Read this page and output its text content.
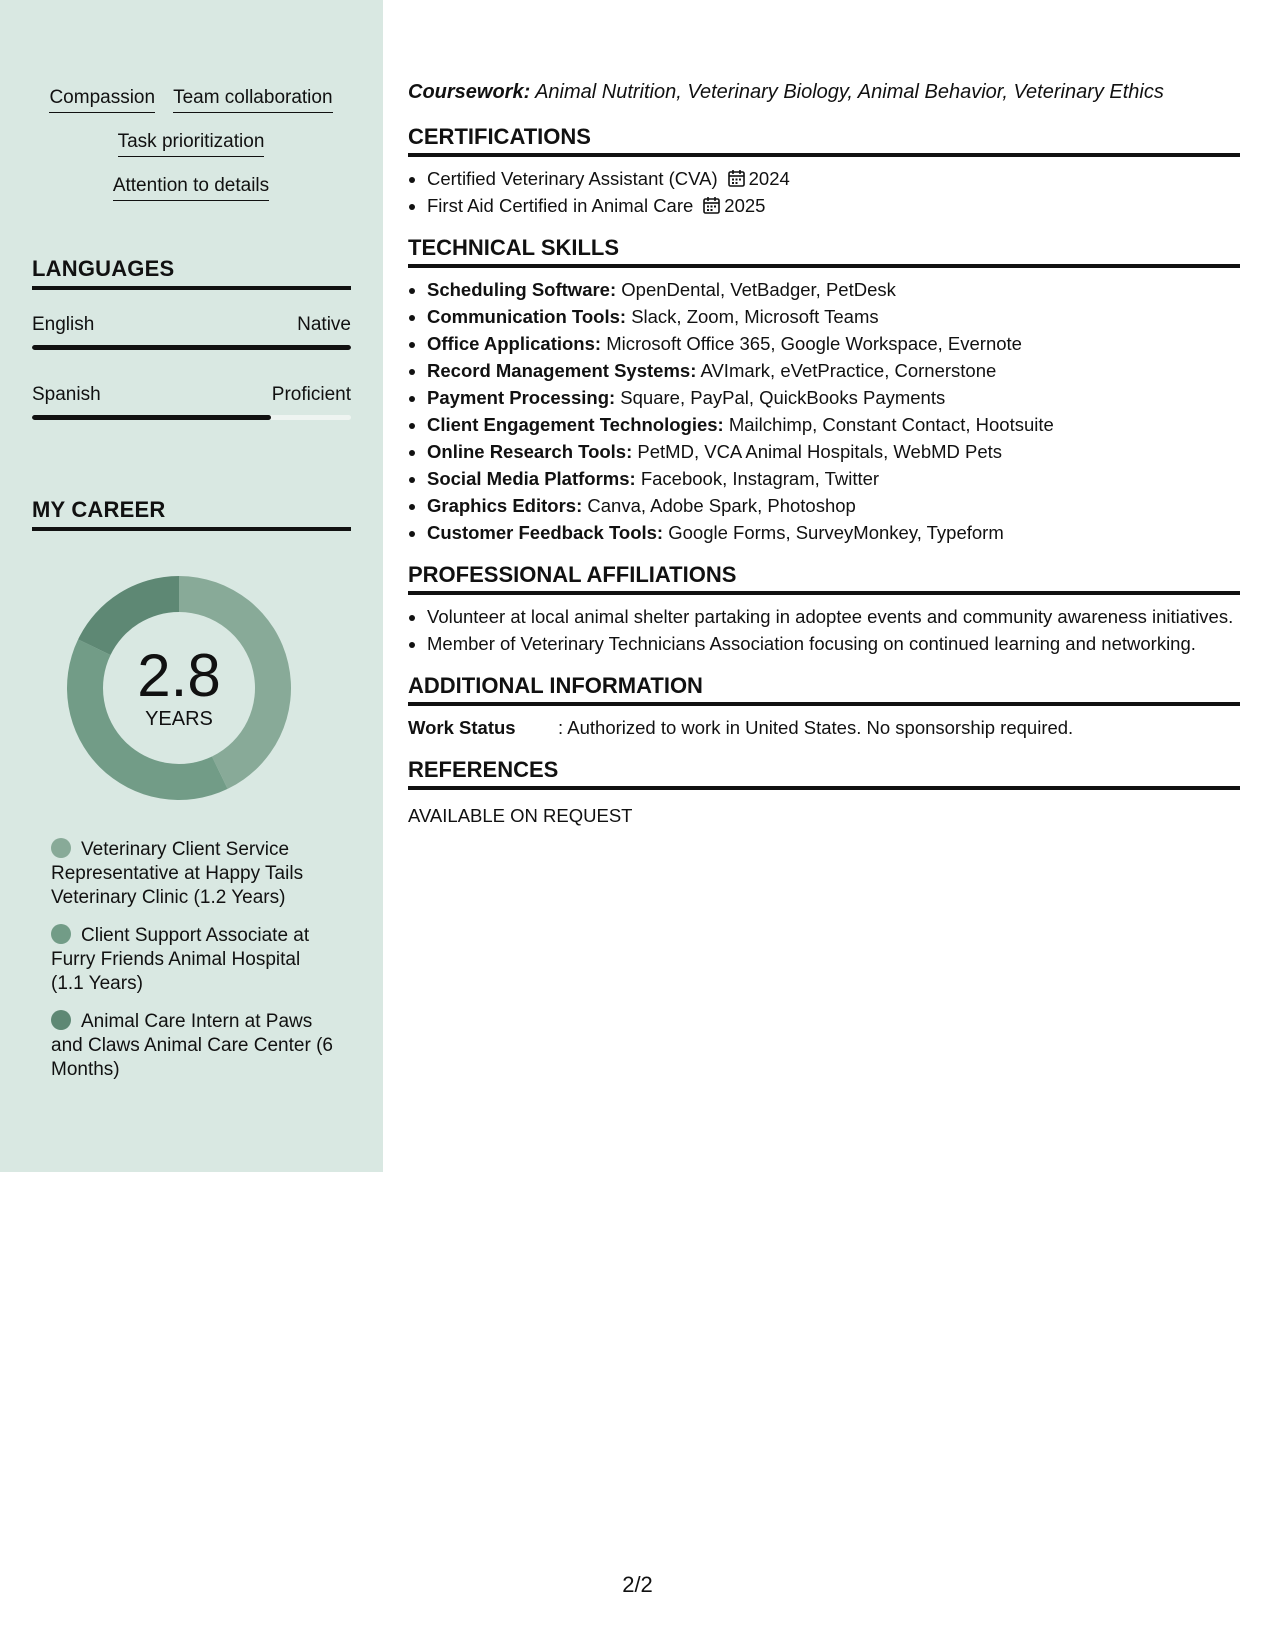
Compassion Team collaboration
Task prioritization
Attention to details
LANGUAGES
English	Native
Spanish	Proficient
MY CAREER
2.8
YEARS
Veterinary Client Service Representative at Happy Tails Veterinary Clinic (1.2 Years)
Client Support Associate at Furry Friends Animal Hospital (1.1 Years)
Animal Care Intern at Paws and Claws Animal Care Center (6 Months)
Coursework: Animal Nutrition, Veterinary Biology, Animal Behavior, Veterinary Ethics
CERTIFICATIONS
• Certified Veterinary Assistant (CVA) 2024
• First Aid Certified in Animal Care 2025
TECHNICAL SKILLS
• Scheduling Software: OpenDental, VetBadger, PetDesk
• Communication Tools: Slack, Zoom, Microsoft Teams
• Office Applications: Microsoft Office 365, Google Workspace, Evernote
• Record Management Systems: AVImark, eVetPractice, Cornerstone
• Payment Processing: Square, PayPal, QuickBooks Payments
• Client Engagement Technologies: Mailchimp, Constant Contact, Hootsuite
• Online Research Tools: PetMD, VCA Animal Hospitals, WebMD Pets
• Social Media Platforms: Facebook, Instagram, Twitter
• Graphics Editors: Canva, Adobe Spark, Photoshop
• Customer Feedback Tools: Google Forms, SurveyMonkey, Typeform
PROFESSIONAL AFFILIATIONS
• Volunteer at local animal shelter partaking in adoptee events and community awareness initiatives.
• Member of Veterinary Technicians Association focusing on continued learning and networking.
ADDITIONAL INFORMATION
Work Status	: Authorized to work in United States. No sponsorship required.
REFERENCES
AVAILABLE ON REQUEST
2/2
